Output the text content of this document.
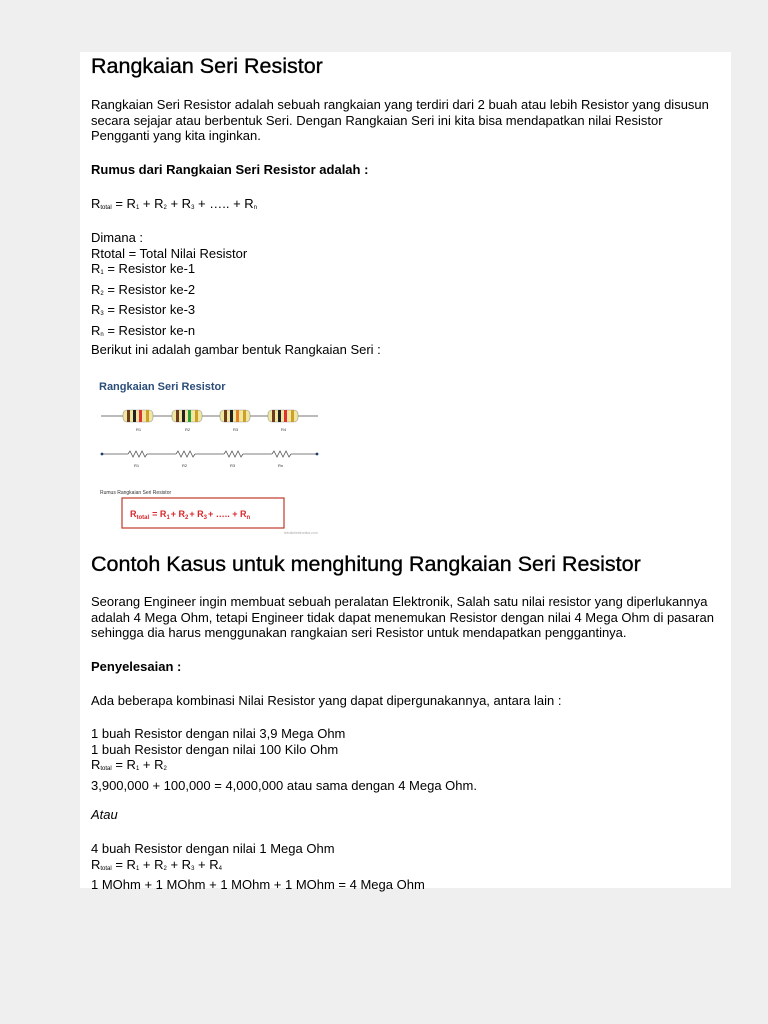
Rangkaian Seri Resistor
Rangkaian Seri Resistor adalah sebuah rangkaian yang terdiri dari 2 buah atau lebih Resistor yang disusun
secara sejajar atau berbentuk Seri. Dengan Rangkaian Seri ini kita bisa mendapatkan nilai Resistor
Pengganti yang kita inginkan.
Rumus dari Rangkaian Seri Resistor adalah :
Rtotal = R1 + R2 + R3 + ….. + Rn
Dimana :
Rtotal = Total Nilai Resistor
R1 = Resistor ke-1
R2 = Resistor ke-2
R3 = Resistor ke-3
Rn = Resistor ke-n
Berikut ini adalah gambar bentuk Rangkaian Seri :
Rangkaian Seri Resistor
R1	R2	R3	R4
R1	R2	R3	Rn
Rumus Rangkaian Seri Resistor
$R_{total} = R_1+ R_2+ R_3+$ ….. + $R_n$
teknikelektronika.com
Contoh Kasus untuk menghitung Rangkaian Seri Resistor
Seorang Engineer ingin membuat sebuah peralatan Elektronik, Salah satu nilai resistor yang diperlukannya
adalah 4 Mega Ohm, tetapi Engineer tidak dapat menemukan Resistor dengan nilai 4 Mega Ohm di pasaran
sehingga dia harus menggunakan rangkaian seri Resistor untuk mendapatkan penggantinya.
Penyelesaian :
Ada beberapa kombinasi Nilai Resistor yang dapat dipergunakannya, antara lain :
1 buah Resistor dengan nilai 3,9 Mega Ohm
1 buah Resistor dengan nilai 100 Kilo Ohm
Rtotal = R1 + R2
3,900,000 + 100,000 = 4,000,000 atau sama dengan 4 Mega Ohm.
Atau
4 buah Resistor dengan nilai 1 Mega Ohm
Rtotal = R1 + R2 + R3 + R4
1 MOhm + 1 MOhm + 1 MOhm + 1 MOhm = 4 Mega Ohm
